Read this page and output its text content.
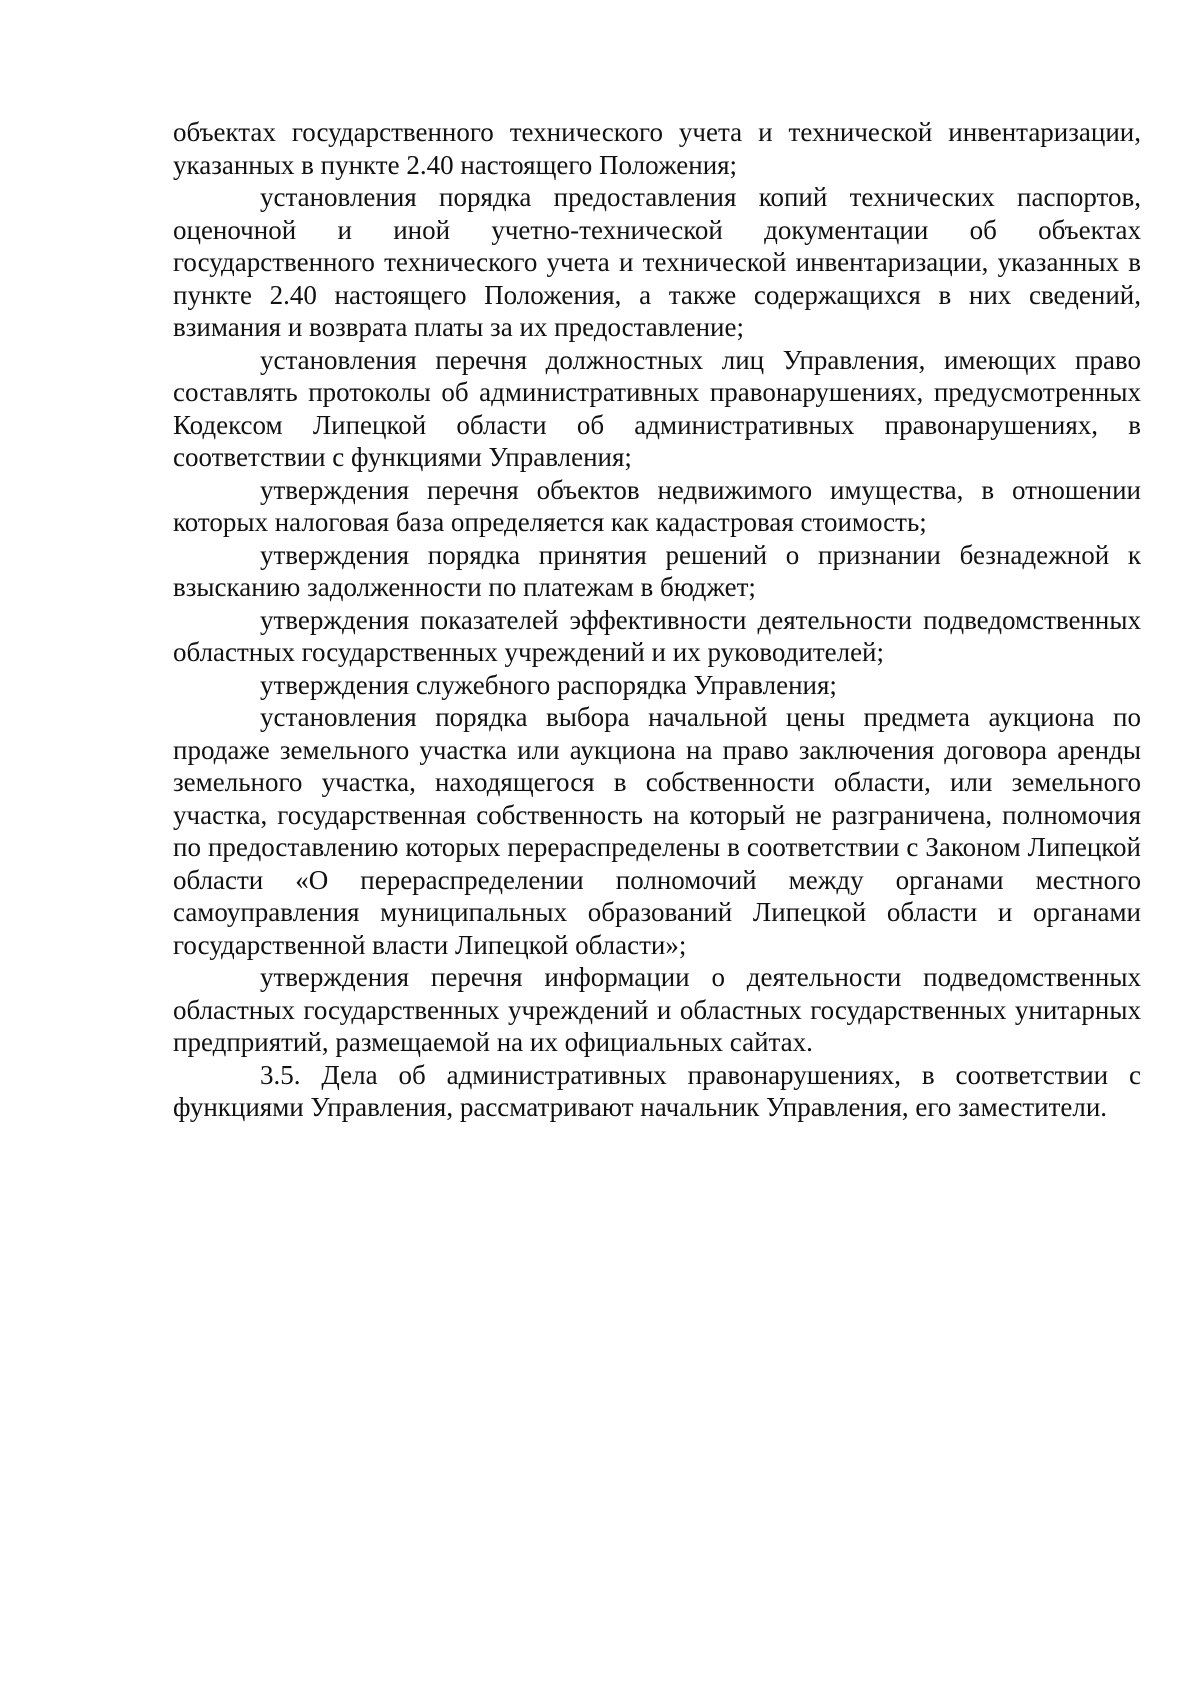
объектах государственного технического учета и технической инвентаризации, указанных в пункте 2.40 настоящего Положения;

установления порядка предоставления копий технических паспортов, оценочной и иной учетно-технической документации об объектах государственного технического учета и технической инвентаризации, указанных в пункте 2.40 настоящего Положения, а также содержащихся в них сведений, взимания и возврата платы за их предоставление;

установления перечня должностных лиц Управления, имеющих право составлять протоколы об административных правонарушениях, предусмотренных Кодексом Липецкой области об административных правонарушениях, в соответствии с функциями Управления;

утверждения перечня объектов недвижимого имущества, в отношении которых налоговая база определяется как кадастровая стоимость;

утверждения порядка принятия решений о признании безнадежной к взысканию задолженности по платежам в бюджет;

утверждения показателей эффективности деятельности подведомственных областных государственных учреждений и их руководителей;

утверждения служебного распорядка Управления;

установления порядка выбора начальной цены предмета аукциона по продаже земельного участка или аукциона на право заключения договора аренды земельного участка, находящегося в собственности области, или земельного участка, государственная собственность на который не разграничена, полномочия по предоставлению которых перераспределены в соответствии с Законом Липецкой области «О перераспределении полномочий между органами местного самоуправления муниципальных образований Липецкой области и органами государственной власти Липецкой области»;

утверждения перечня информации о деятельности подведомственных областных государственных учреждений и областных государственных унитарных предприятий, размещаемой на их официальных сайтах.

3.5. Дела об административных правонарушениях, в соответствии с функциями Управления, рассматривают начальник Управления, его заместители.
